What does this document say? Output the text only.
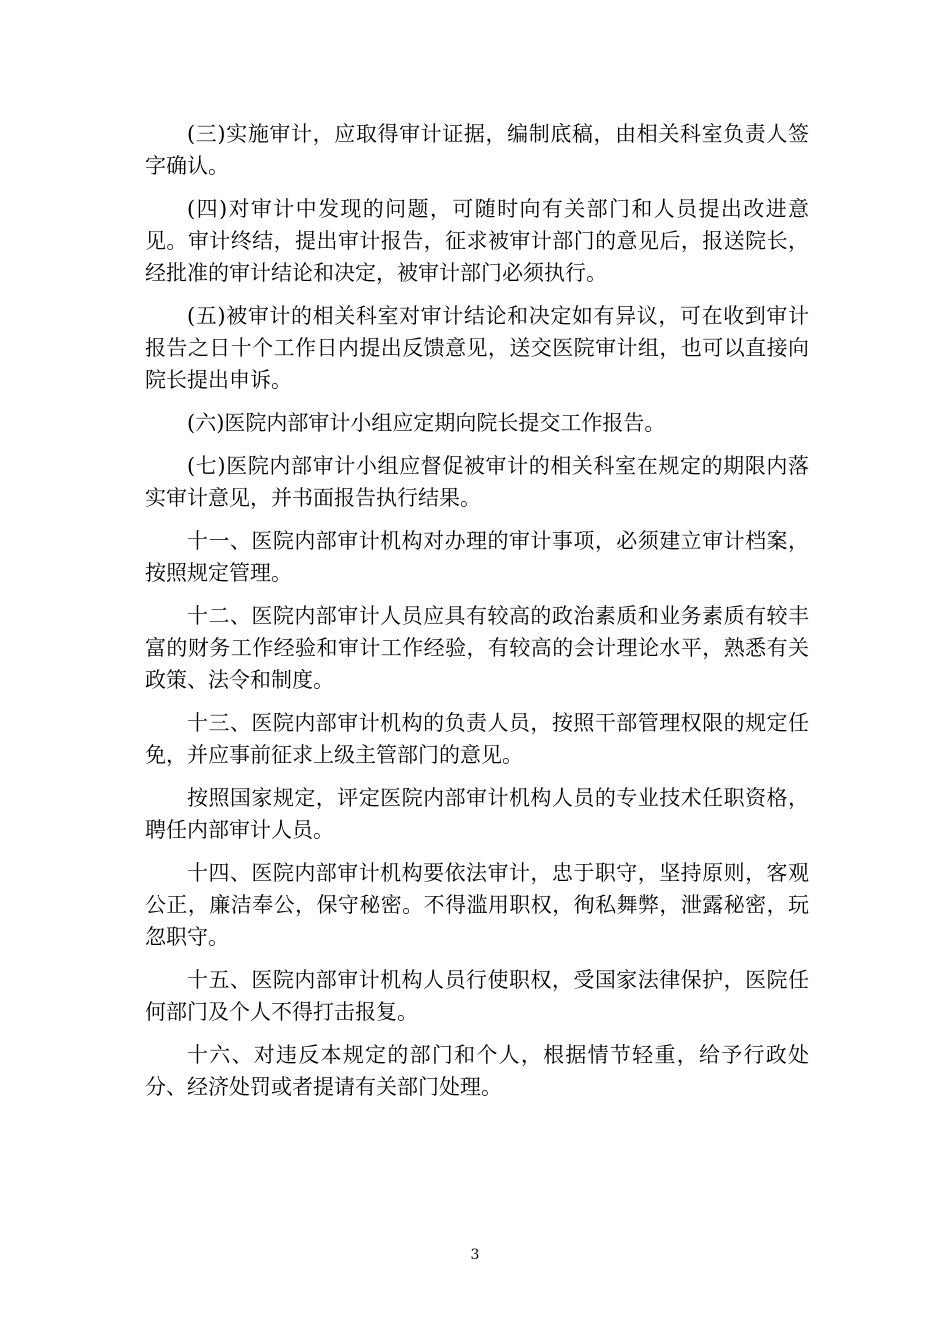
(三)实施审计，应取得审计证据，编制底稿，由相关科室负责人签字确认。

(四)对审计中发现的问题，可随时向有关部门和人员提出改进意见。审计终结，提出审计报告，征求被审计部门的意见后，报送院长，经批准的审计结论和决定，被审计部门必须执行。

(五)被审计的相关科室对审计结论和决定如有异议，可在收到审计报告之日十个工作日内提出反馈意见，送交医院审计组，也可以直接向院长提出申诉。

(六)医院内部审计小组应定期向院长提交工作报告。

(七)医院内部审计小组应督促被审计的相关科室在规定的期限内落实审计意见，并书面报告执行结果。

十一、医院内部审计机构对办理的审计事项，必须建立审计档案，按照规定管理。

十二、医院内部审计人员应具有较高的政治素质和业务素质有较丰富的财务工作经验和审计工作经验，有较高的会计理论水平，熟悉有关政策、法令和制度。

十三、医院内部审计机构的负责人员，按照干部管理权限的规定任免，并应事前征求上级主管部门的意见。

按照国家规定，评定医院内部审计机构人员的专业技术任职资格，聘任内部审计人员。

十四、医院内部审计机构要依法审计，忠于职守，坚持原则，客观公正，廉洁奉公，保守秘密。不得滥用职权，徇私舞弊，泄露秘密，玩忽职守。

十五、医院内部审计机构人员行使职权，受国家法律保护，医院任何部门及个人不得打击报复。

十六、对违反本规定的部门和个人，根据情节轻重，给予行政处分、经济处罚或者提请有关部门处理。

3
